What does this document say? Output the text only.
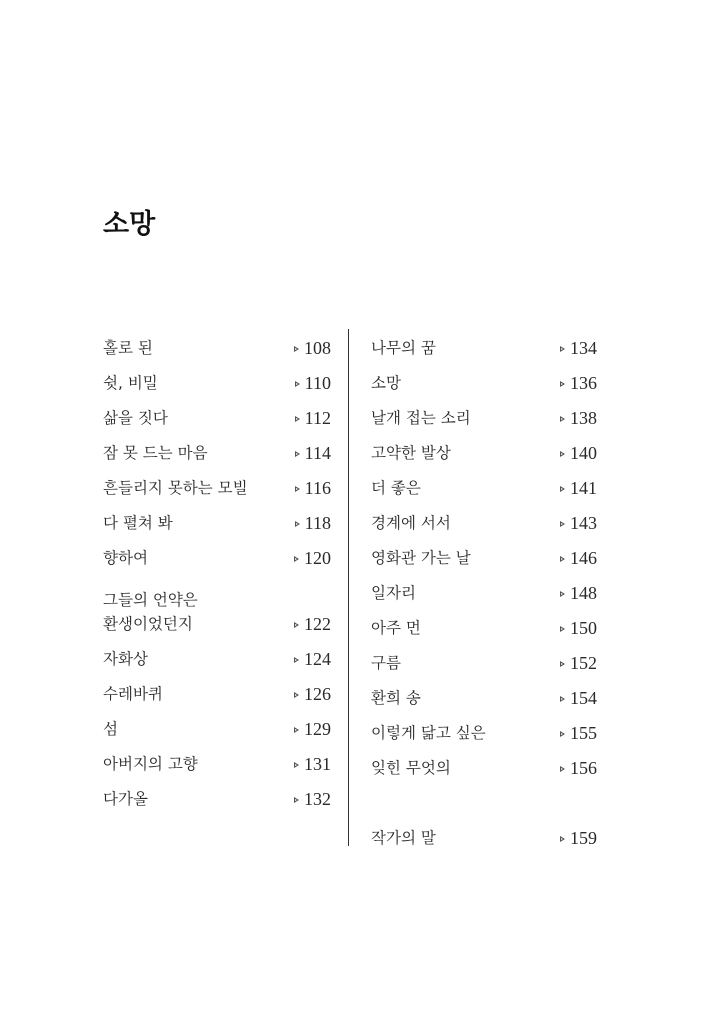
소망
홀로 된	108
쉿, 비밀	110
삶을 짓다	112
잠 못 드는 마음	114
흔들리지 못하는 모빌	116
다 펼쳐 봐	118
향하여	120
그들의 언약은
환생이었던지	122
자화상	124
수레바퀴	126
섬	129
아버지의 고향	131
다가올	132
나무의 꿈	134
소망	136
날개 접는 소리	138
고약한 발상	140
더 좋은	141
경계에 서서	143
영화관 가는 날	146
일자리	148
아주 먼	150
구름	152
환희 송	154
이렇게 닮고 싶은	155
잊힌 무엇의	156
작가의 말	159
